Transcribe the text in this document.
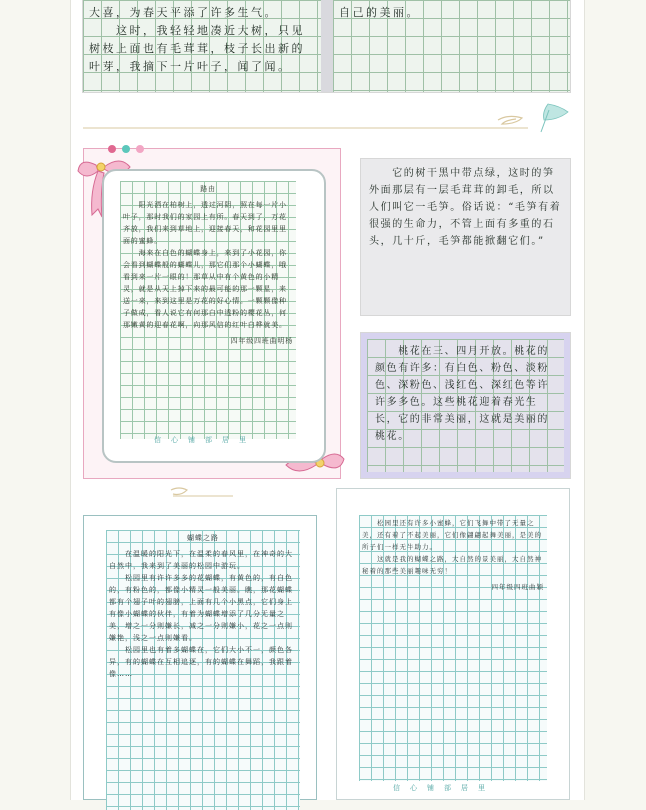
大喜，为春天平添了许多生气。
　　这时，我轻轻地凑近大树，只见树枝上面也有毛茸茸，枝子长出新的叶芽，我摘下一片叶子，闻了闻。

自己的美丽。

路由

　　阳光洒在柏树上，透过河阴，照在每一片小叶子，那时我们的家园上有所。春天到了，万花齐放，我们来到草地上，迎接春天，和花园里里面的蜜蜂。
　　海来在白色的蝴蝶身上，来到了小花园，你会看到蝴蝶般的蝴蝶儿，那它们那个小蝴蝶，哦看到来一片一眼的！那草从中有个黄色的小精灵，就是从天上掉下来的最可能的那一颗星，来送一来，来到这里是万花的好心情。一颗颗像种子做成，看人说它有何那白中透粉的樱花丛，何那嫩黄的迎春花啊，向那风信的红叶白桦就美。

四年级四班曲明杨

信心铺部居里

　　它的树干黑中带点绿，这时的笋外面那层有一层毛茸茸的卸毛，所以人们叫它一毛笋。俗话说：“毛笋有着很强的生命力，不管上面有多重的石头，几十斤，毛笋都能掀翻它们。”

　　桃花在三、四月开放。桃花的颜色有许多：有白色、粉色、淡粉色、深粉色、浅红色、深红色等许许多多色。这些桃花迎着春光生长，它的非常美丽，这就是美丽的桃花。

蝴蝶之路

　　在温暖的阳光下，在温柔的春风里，在神奇的大自然中，我来到了美丽的松园中游玩。
　　松园里有许许多多的花蝴蝶，有黄色的，有白色的，有粉色的，都像小精灵一般美丽。瞧，那花蝴蝶都有个翅子叶的翅膀，上面有几个小黑点，它们身上有像小蝴蝶的伙伴，有着为蝴蝶增添了几分无量之美，增之一分则嫌长，减之一分则嫌小，花之一点则嫌艳，浅之一点则嫌看。
　　松园里也有着多蝴蝶在，它们大小不一，颜色各异，有的蝴蝶在互相追逐，有的蝴蝶在舞蹈，我跟着像……

　　松园里还有许多小蜜蜂，它们飞舞中带了无量之美，还有着了不起美丽，它们像翩翩起舞美丽，是美的所子们一样无牛助力。
　　这就是我的蝴蝶之路，大自然的景美丽，大自然神秘着的那些美丽趣味无穷！

四年级四班曲颖

信心铺部居里
